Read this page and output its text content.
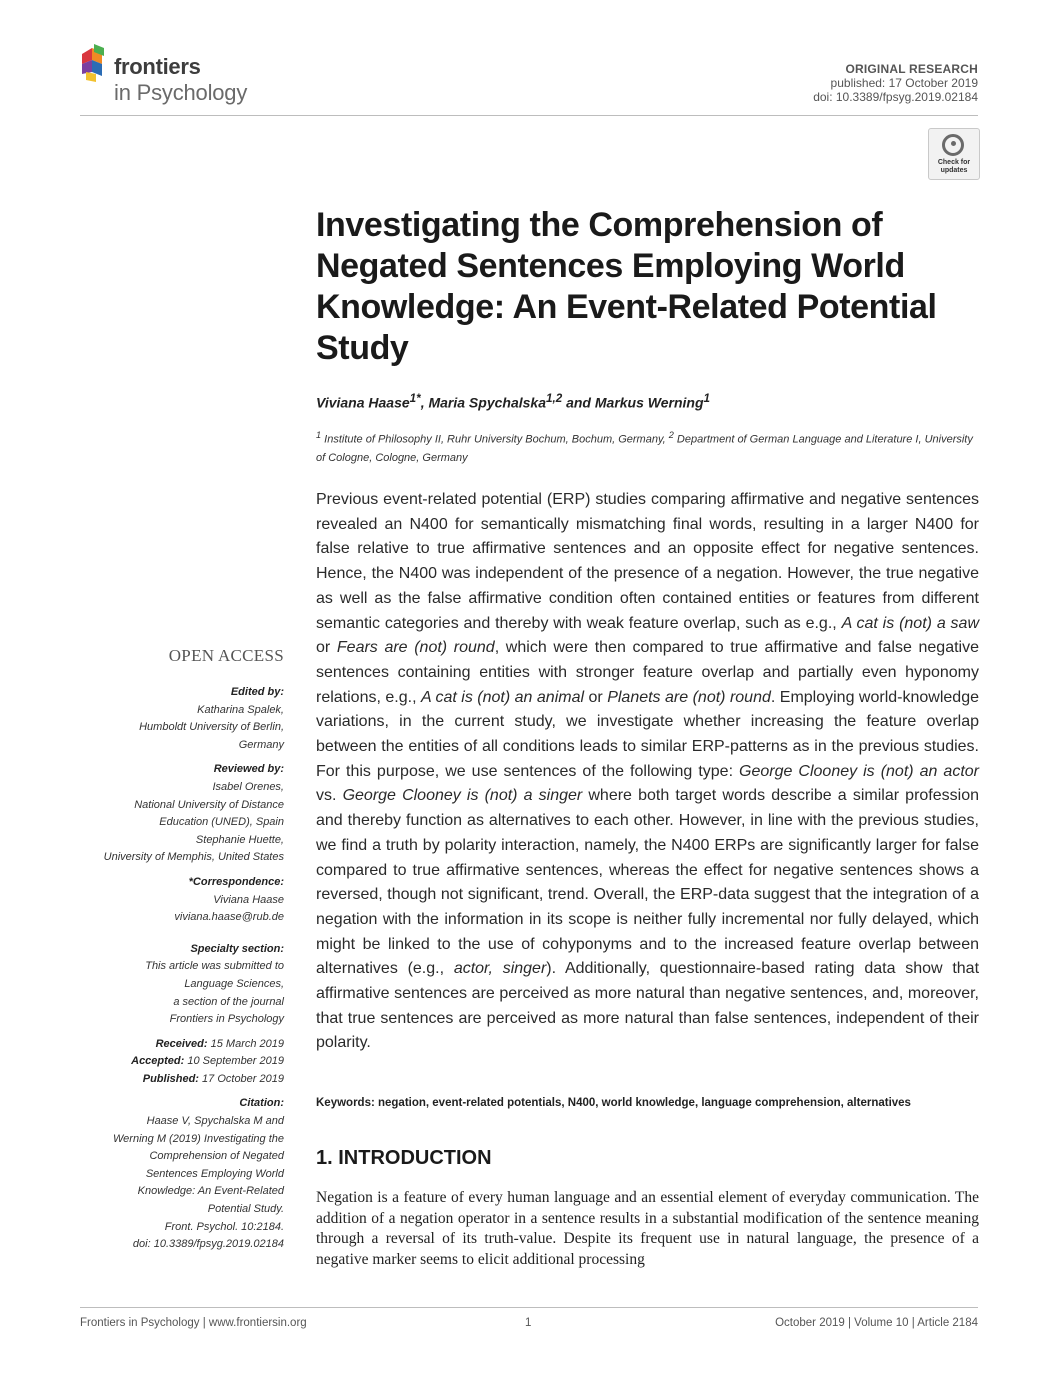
frontiers
in Psychology
ORIGINAL RESEARCH
published: 17 October 2019
doi: 10.3389/fpsyg.2019.02184
Check for
updates
Investigating the Comprehension of Negated Sentences Employing World Knowledge: An Event-Related Potential Study
Viviana Haase$^{1*}$, Maria Spychalska$^{1,2}$ and Markus Werning$^1$
$^1$ Institute of Philosophy II, Ruhr University Bochum, Bochum, Germany, $^2$ Department of German Language and Literature I, University of Cologne, Cologne, Germany
Previous event-related potential (ERP) studies comparing affirmative and negative sentences revealed an N400 for semantically mismatching final words, resulting in a larger N400 for false relative to true affirmative sentences and an opposite effect for negative sentences. Hence, the N400 was independent of the presence of a negation. However, the true negative as well as the false affirmative condition often contained entities or features from different semantic categories and thereby with weak feature overlap, such as e.g., A cat is (not) a saw or Fears are (not) round, which were then compared to true affirmative and false negative sentences containing entities with stronger feature overlap and partially even hyponomy relations, e.g., A cat is (not) an animal or Planets are (not) round. Employing world-knowledge variations, in the current study, we investigate whether increasing the feature overlap between the entities of all conditions leads to similar ERP-patterns as in the previous studies. For this purpose, we use sentences of the following type: George Clooney is (not) an actor vs. George Clooney is (not) a singer where both target words describe a similar profession and thereby function as alternatives to each other. However, in line with the previous studies, we find a truth by polarity interaction, namely, the N400 ERPs are significantly larger for false compared to true affirmative sentences, whereas the effect for negative sentences shows a reversed, though not significant, trend. Overall, the ERP-data suggest that the integration of a negation with the information in its scope is neither fully incremental nor fully delayed, which might be linked to the use of cohyponyms and to the increased feature overlap between alternatives (e.g., actor, singer). Additionally, questionnaire-based rating data show that affirmative sentences are perceived as more natural than negative sentences, and, moreover, that true sentences are perceived as more natural than false sentences, independent of their polarity.
Keywords: negation, event-related potentials, N400, world knowledge, language comprehension, alternatives
1. INTRODUCTION
Negation is a feature of every human language and an essential element of everyday communication. The addition of a negation operator in a sentence results in a substantial modification of the sentence meaning through a reversal of its truth-value. Despite its frequent use in natural language, the presence of a negative marker seems to elicit additional processing
OPEN ACCESS
Edited by:
Katharina Spalek,
Humboldt University of Berlin,
Germany
Reviewed by:
Isabel Orenes,
National University of Distance
Education (UNED), Spain
Stephanie Huette,
University of Memphis, United States
*Correspondence:
Viviana Haase
viviana.haase@rub.de
Specialty section:
This article was submitted to
Language Sciences,
a section of the journal
Frontiers in Psychology
Received: 15 March 2019
Accepted: 10 September 2019
Published: 17 October 2019
Citation:
Haase V, Spychalska M and
Werning M (2019) Investigating the
Comprehension of Negated
Sentences Employing World
Knowledge: An Event-Related
Potential Study.
Front. Psychol. 10:2184.
doi: 10.3389/fpsyg.2019.02184
Frontiers in Psychology | www.frontiersin.org	1	October 2019 | Volume 10 | Article 2184
